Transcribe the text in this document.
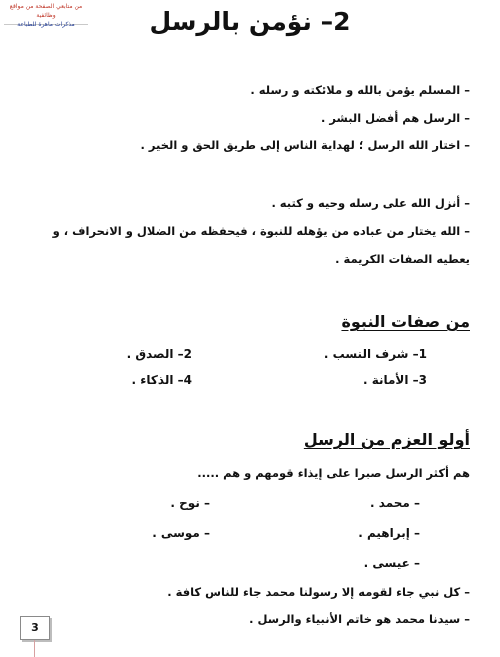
من متابعي الصفحة من مواقع وظائفية
مذكرات ماهرة للطباعة	2– نؤمن بالرسل
– المسلم يؤمن بالله و ملائكته و رسله .
– الرسل هم أفضل البشر .
– اختار الله الرسل ؛ لهداية الناس إلى طريق الحق و الخير .
– أنزل الله على رسله وحيه و كتبه .
– الله يختار من عباده من يؤهله للنبوة ، فيحفظه من الضلال و الانحراف ، و
يعطيه الصفات الكريمة .
من صفات النبوة
1– شرف النسب .
2– الصدق .
3– الأمانة .
4– الذكاء .
أولو العزم من الرسل
هم أكثر الرسل صبرا على إيذاء قومهم و هم .....
– محمد .
– نوح .
– إبراهيم .
– موسى .
– عيسى .
– كل نبي جاء لقومه إلا رسولنا محمد جاء للناس كافة .
– سيدنا محمد هو خاتم الأنبياء والرسل .
3
